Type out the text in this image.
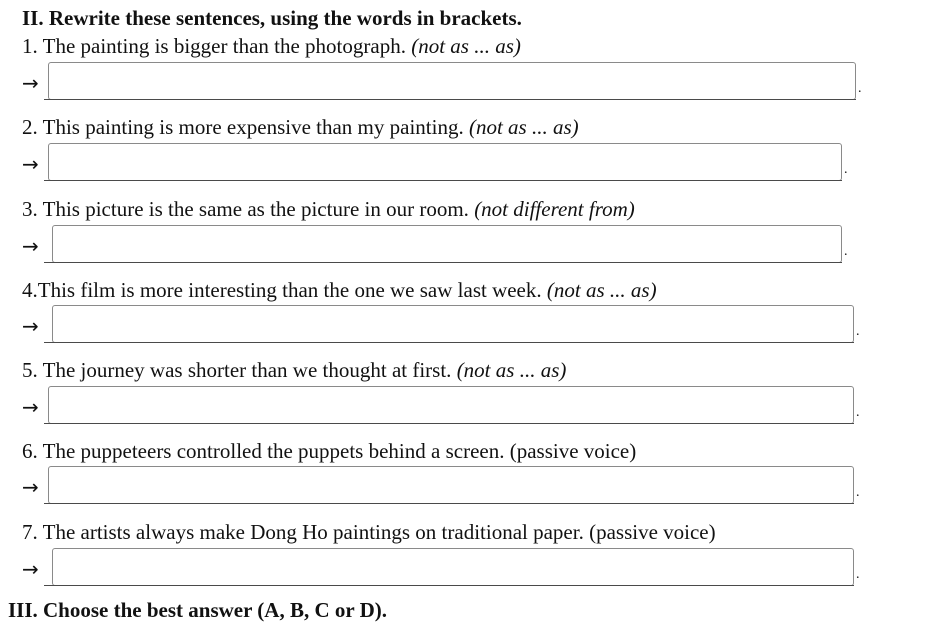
II. Rewrite these sentences, using the words in brackets.
1. The painting is bigger than the photograph. (not as ... as)
→	.
2. This painting is more expensive than my painting. (not as ... as)
→	.
3. This picture is the same as the picture in our room. (not different from)
→	.
4.This film is more interesting than the one we saw last week. (not as ... as)
→	.
5. The journey was shorter than we thought at first. (not as ... as)
→	.
6. The puppeteers controlled the puppets behind a screen. (passive voice)
→	.
7. The artists always make Dong Ho paintings on traditional paper. (passive voice)
→	.
III. Choose the best answer (A, B, C or D).
